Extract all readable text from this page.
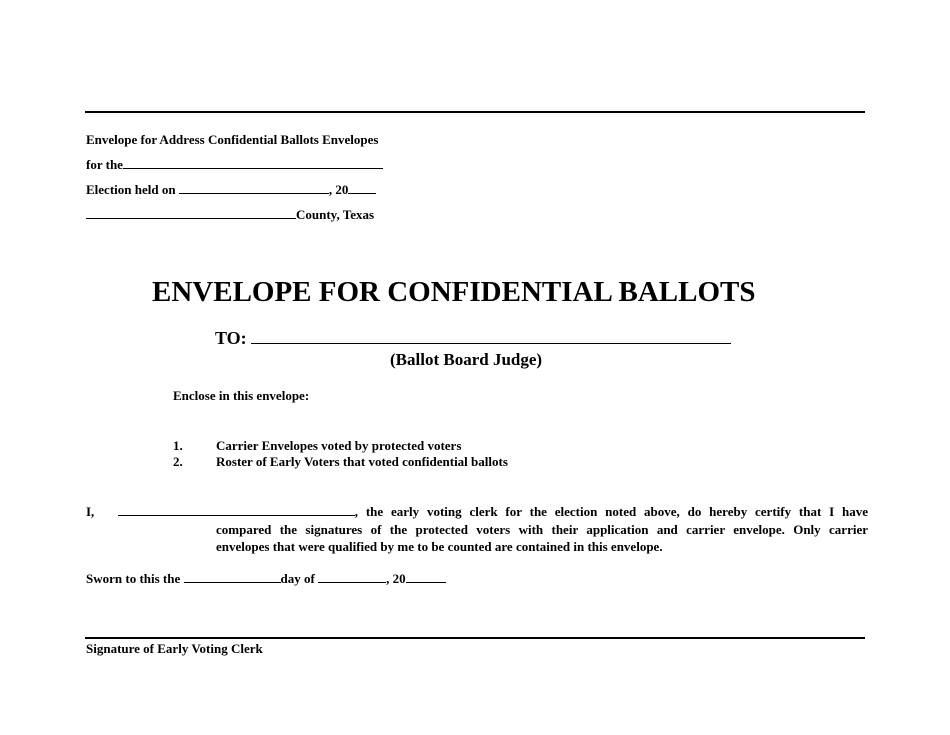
Envelope for Address Confidential Ballots Envelopes
for the
Election held on	, 20
County, Texas
ENVELOPE FOR CONFIDENTIAL BALLOTS
TO:
(Ballot Board Judge)
Enclose in this envelope:
1.	Carrier Envelopes voted by protected voters
2.	Roster of Early Voters that voted confidential ballots
I,	, the early voting clerk for the election noted above, do hereby certify that I have
compared the signatures of the protected voters with their application and carrier envelope. Only carrier
envelopes that were qualified by me to be counted are contained in this envelope.
Sworn to this the	day of	, 20
Signature of Early Voting Clerk
